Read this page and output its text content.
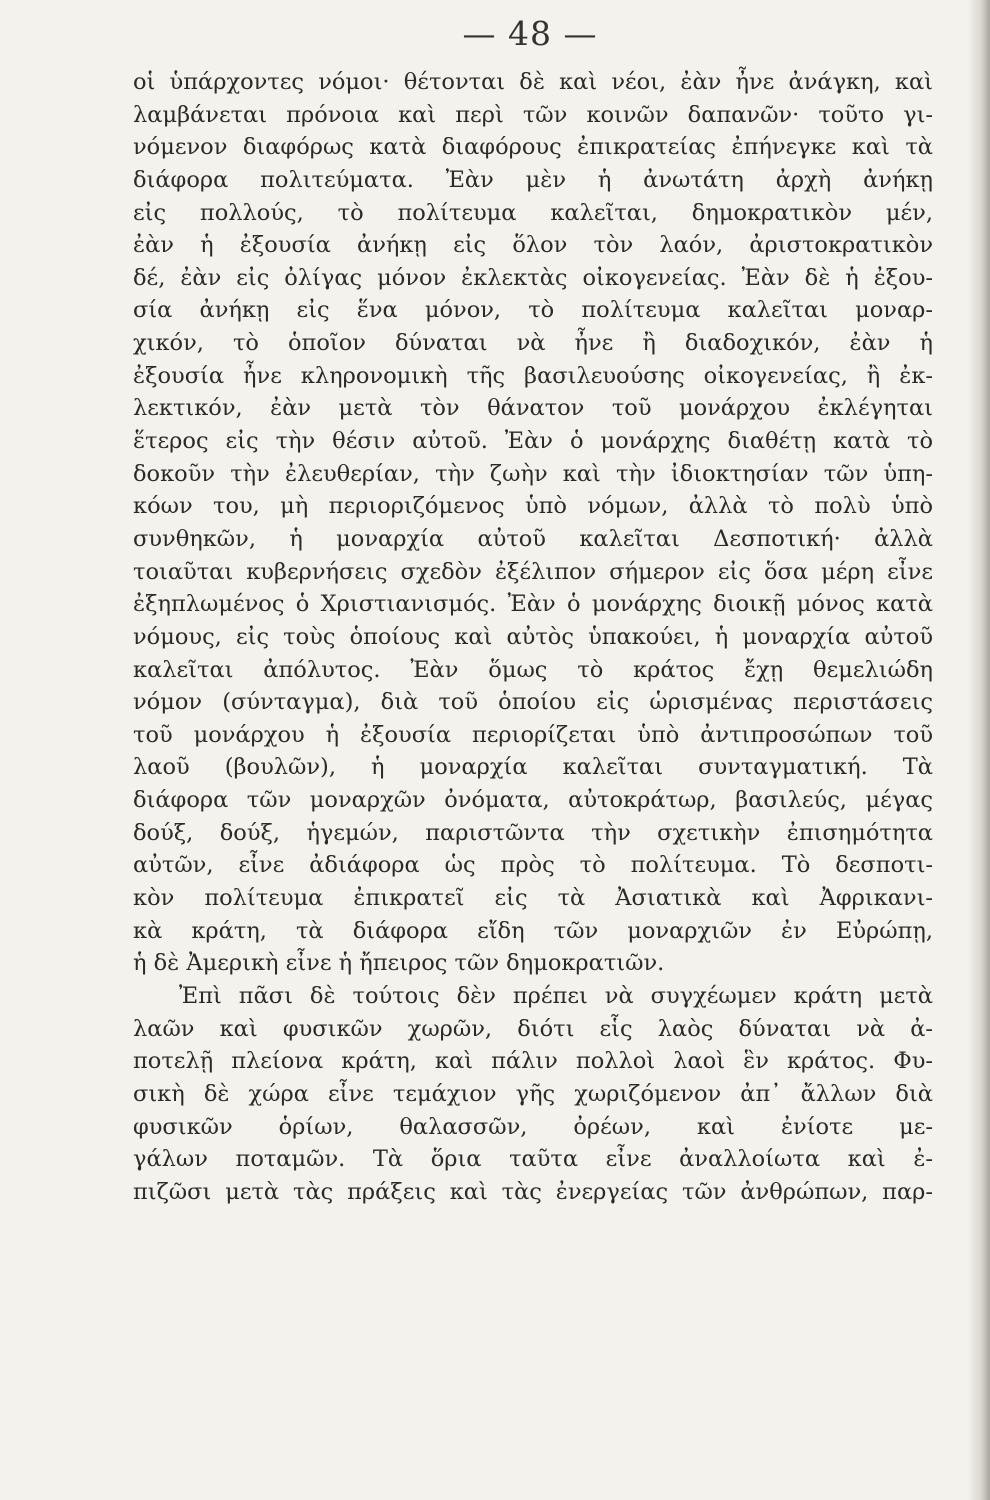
— 48 —
οἱ ὑπάρχοντες νόμοι· θέτονται δὲ καὶ νέοι, ἐὰν ἦνε ἀνάγκη, καὶ
λαμβάνεται πρόνοια καὶ περὶ τῶν κοινῶν δαπανῶν· τοῦτο γι-
νόμενον διαφόρως κατὰ διαφόρους ἐπικρατείας ἐπήνεγκε καὶ τὰ
διάφορα πολιτεύματα. Ἐὰν μὲν ἡ ἀνωτάτη ἀρχὴ ἀνήκῃ
εἰς πολλούς, τὸ πολίτευμα καλεῖται, δημοκρατικὸν μέν,
ἐὰν ἡ ἐξουσία ἀνήκῃ εἰς ὅλον τὸν λαόν, ἀριστοκρατικὸν
δέ, ἐὰν εἰς ὀλίγας μόνον ἐκλεκτὰς οἰκογενείας. Ἐὰν δὲ ἡ ἐξου-
σία ἀνήκῃ εἰς ἕνα μόνον, τὸ πολίτευμα καλεῖται μοναρ-
χικόν, τὸ ὁποῖον δύναται νὰ ἦνε ἢ διαδοχικόν, ἐὰν ἡ
ἐξουσία ἦνε κληρονομικὴ τῆς βασιλευούσης οἰκογενείας, ἢ ἐκ-
λεκτικόν, ἐὰν μετὰ τὸν θάνατον τοῦ μονάρχου ἐκλέγηται
ἕτερος εἰς τὴν θέσιν αὐτοῦ. Ἐὰν ὁ μονάρχης διαθέτῃ κατὰ τὸ
δοκοῦν τὴν ἐλευθερίαν, τὴν ζωὴν καὶ τὴν ἰδιοκτησίαν τῶν ὑπη-
κόων του, μὴ περιοριζόμενος ὑπὸ νόμων, ἀλλὰ τὸ πολὺ ὑπὸ
συνθηκῶν, ἡ μοναρχία αὐτοῦ καλεῖται Δεσποτική· ἀλλὰ
τοιαῦται κυβερνήσεις σχεδὸν ἐξέλιπον σήμερον εἰς ὅσα μέρη εἶνε
ἐξηπλωμένος ὁ Χριστιανισμός. Ἐὰν ὁ μονάρχης διοικῇ μόνος κατὰ
νόμους, εἰς τοὺς ὁποίους καὶ αὐτὸς ὑπακούει, ἡ μοναρχία αὐτοῦ
καλεῖται ἀπόλυτος. Ἐὰν ὅμως τὸ κράτος ἔχῃ θεμελιώδη
νόμον (σύνταγμα), διὰ τοῦ ὁποίου εἰς ὡρισμένας περιστάσεις
τοῦ μονάρχου ἡ ἐξουσία περιορίζεται ὑπὸ ἀντιπροσώπων τοῦ
λαοῦ (βουλῶν), ἡ μοναρχία καλεῖται συνταγματική. Τὰ
διάφορα τῶν μοναρχῶν ὀνόματα, αὐτοκράτωρ, βασιλεύς, μέγας
δούξ, δούξ, ἡγεμών, παριστῶντα τὴν σχετικὴν ἐπισημότητα
αὐτῶν, εἶνε ἀδιάφορα ὡς πρὸς τὸ πολίτευμα. Τὸ δεσποτι-
κὸν πολίτευμα ἐπικρατεῖ εἰς τὰ Ἀσιατικὰ καὶ Ἀφρικανι-
κὰ κράτη, τὰ διάφορα εἴδη τῶν μοναρχιῶν ἐν Εὐρώπῃ,
ἡ δὲ Ἀμερικὴ εἶνε ἡ ἤπειρος τῶν δημοκρατιῶν.
Ἐπὶ πᾶσι δὲ τούτοις δὲν πρέπει νὰ συγχέωμεν κράτη μετὰ
λαῶν καὶ φυσικῶν χωρῶν, διότι εἷς λαὸς δύναται νὰ ἀ-
ποτελῇ πλείονα κράτη, καὶ πάλιν πολλοὶ λαοὶ ἓν κράτος. Φυ-
σικὴ δὲ χώρα εἶνε τεμάχιον γῆς χωριζόμενον ἀπ᾽ ἄλλων διὰ
φυσικῶν ὁρίων, θαλασσῶν, ὀρέων, καὶ ἐνίοτε με-
γάλων ποταμῶν. Τὰ ὅρια ταῦτα εἶνε ἀναλλοίωτα καὶ ἐ-
πιζῶσι μετὰ τὰς πράξεις καὶ τὰς ἐνεργείας τῶν ἀνθρώπων, παρ-
